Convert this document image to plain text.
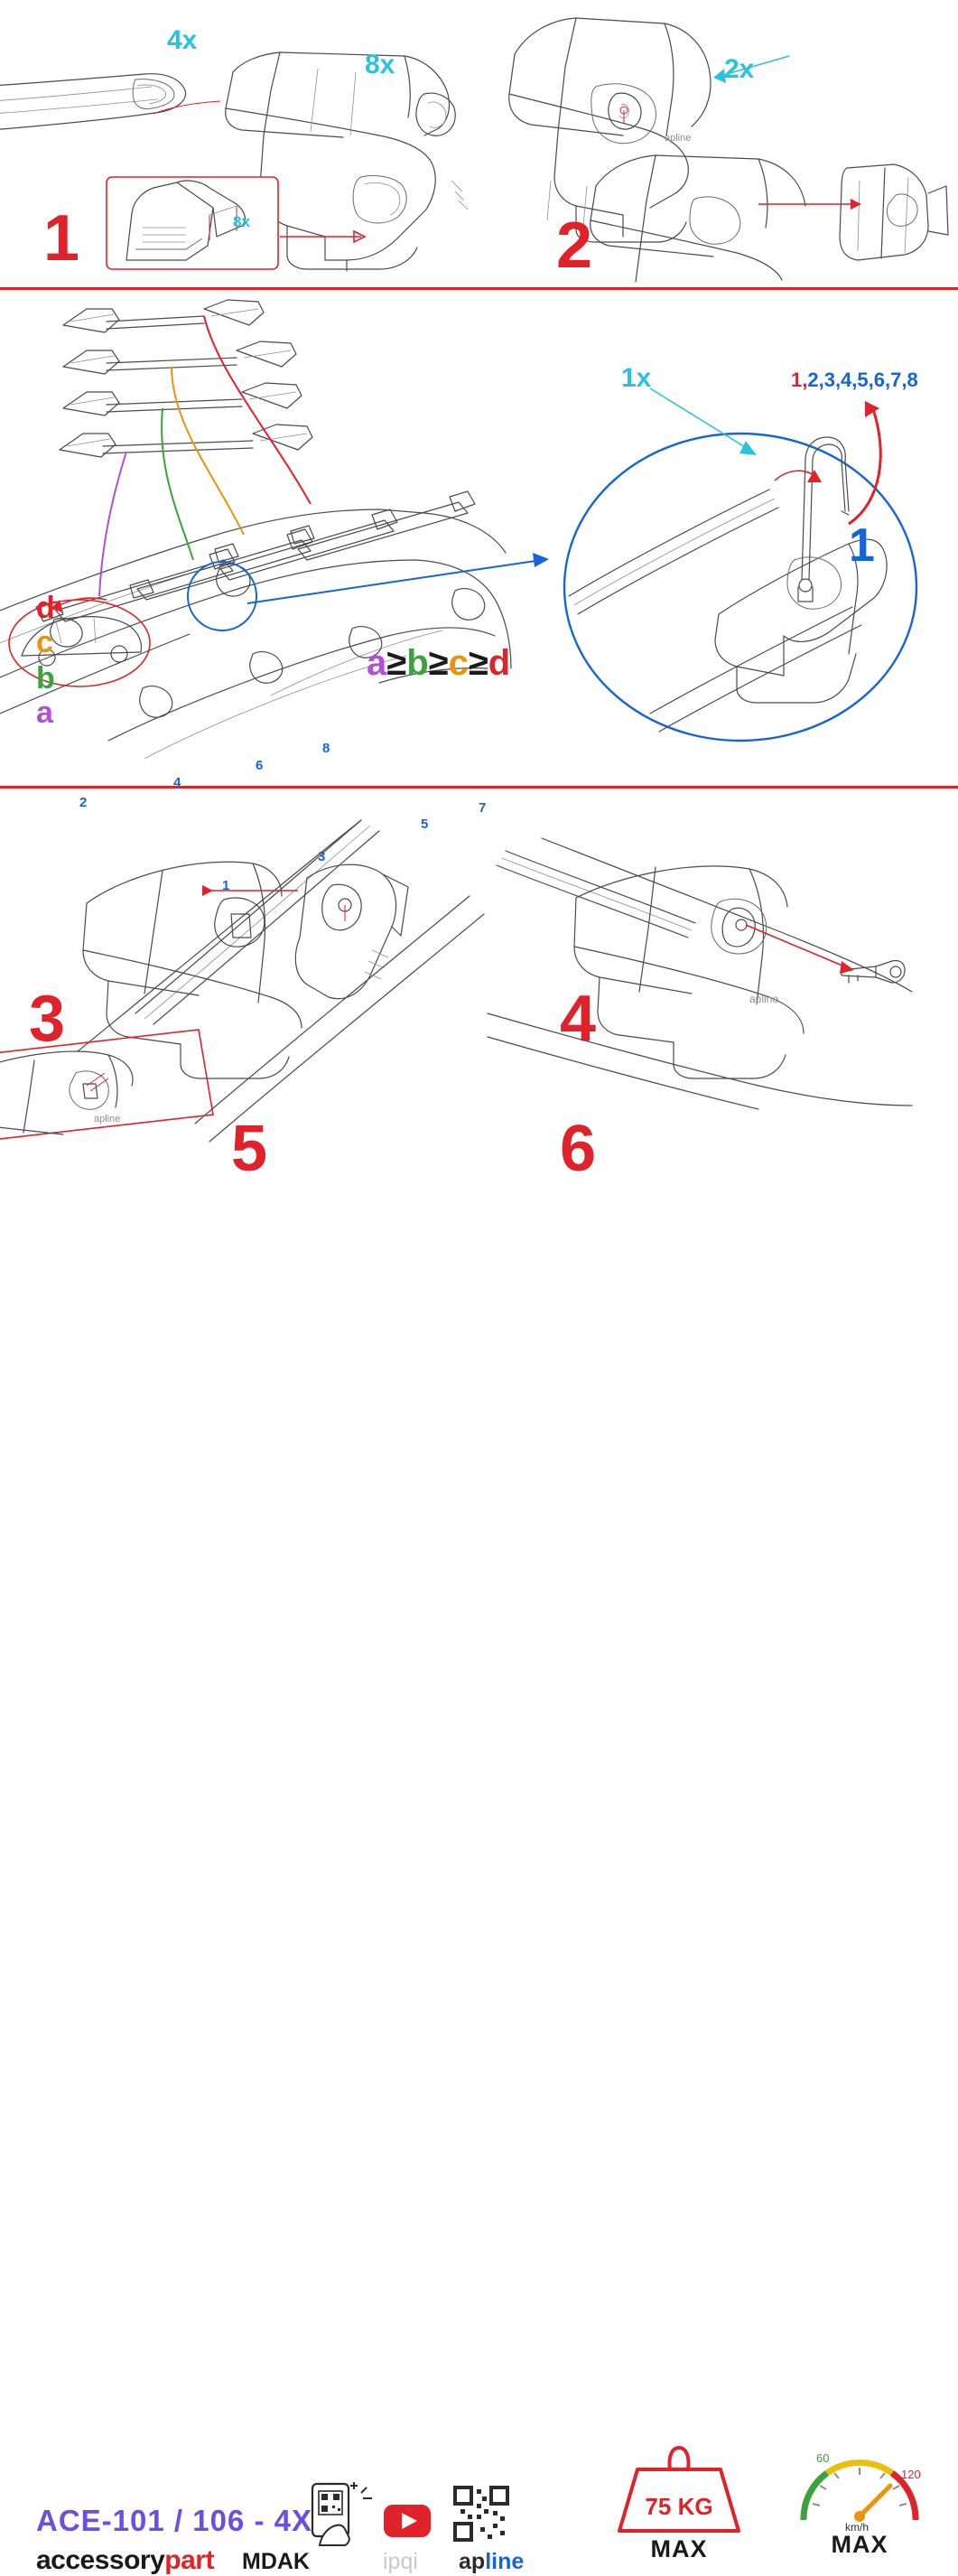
4x
8x
8x
1
apline
2x
2
d
c
b
a
a≥b≥c≥d
1
2
3
4
5
6
7
8
3
1x	1,2,3,4,5,6,7,8
1
4
apline 5
apline
6
ACE-101 / 106 - 4X
accessorypart MDAK	ipqi apline
75 KG
MAX
60
120
km/h
MAX
